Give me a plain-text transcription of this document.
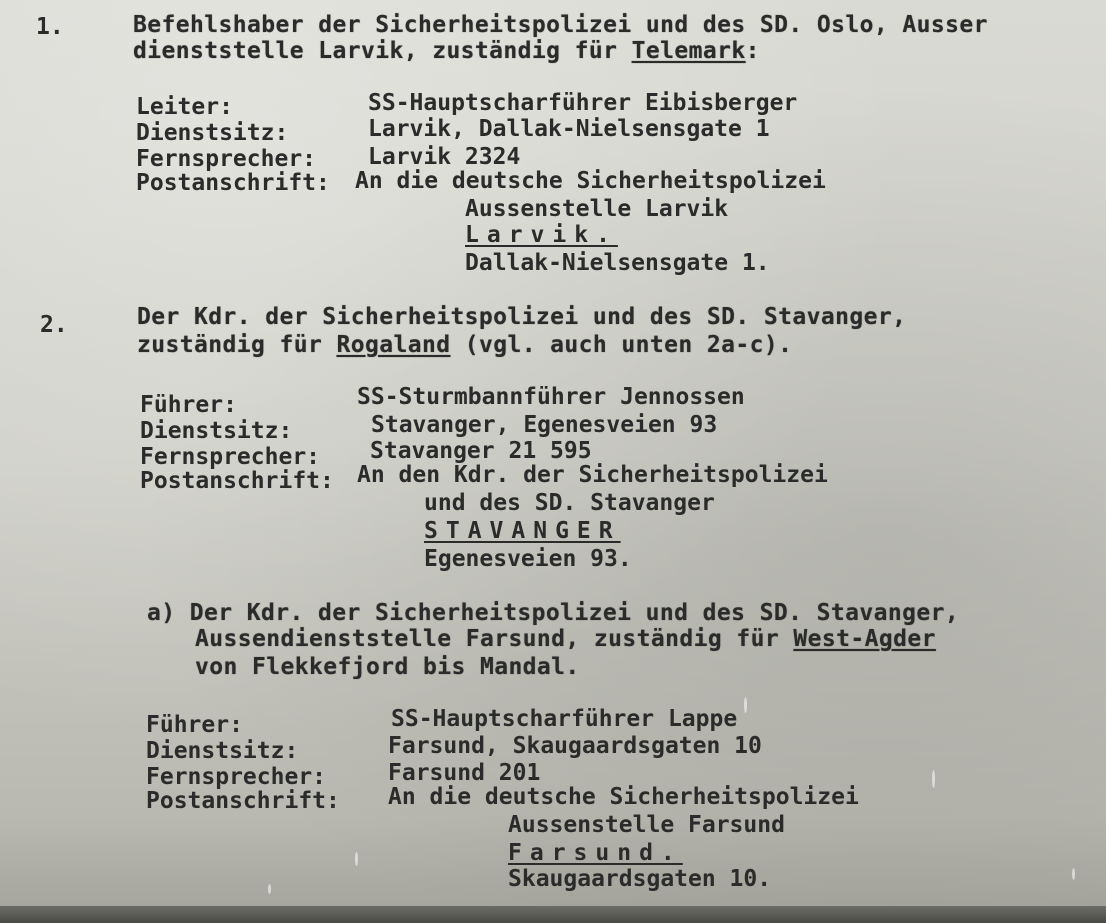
1.	Befehlshaber der Sicherheitspolizei und des SD. Oslo, Ausser
dienststelle Larvik, zuständig für Telemark:
Leiter:	SS-Hauptscharführer Eibisberger
Dienstsitz:	Larvik, Dallak-Nielsensgate 1
Fernsprecher: Larvik 2324
Postanschrift: An die deutsche Sicherheitspolizei
Aussenstelle Larvik
Larvik.
Dallak-Nielsensgate 1.
2.	Der Kdr. der Sicherheitspolizei und des SD. Stavanger,
zuständig für Rogaland (vgl. auch unten 2a-c).
Führer:	SS-Sturmbannführer Jennossen
Dienstsitz:	Stavanger, Egenesveien 93
Fernsprecher: Stavanger 21 595
Postanschrift: An den Kdr. der Sicherheitspolizei
und des SD. Stavanger
STAVANGER
Egenesveien 93.
a) Der Kdr. der Sicherheitspolizei und des SD. Stavanger,
Aussendienststelle Farsund, zuständig für West-Agder
von Flekkefjord bis Mandal.
Führer:	SS-Hauptscharführer Lappe
Dienstsitz:	Farsund, Skaugaardsgaten 10
Fernsprecher:	Farsund 201
Postanschrift: An die deutsche Sicherheitspolizei
Aussenstelle Farsund
Farsund.
Skaugaardsgaten 10.
